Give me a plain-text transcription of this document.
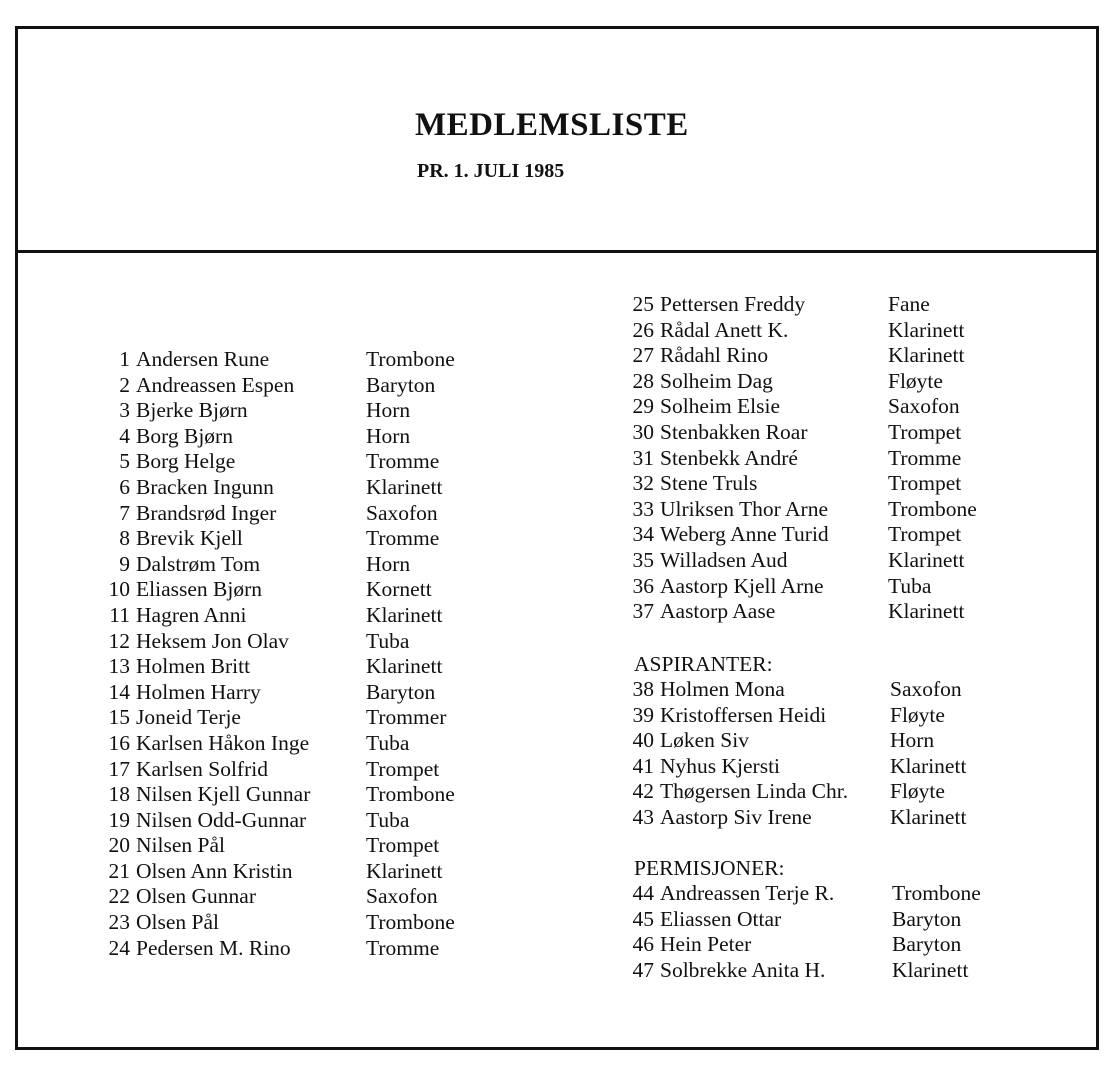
MEDLEMSLISTE
PR. 1. JULI 1985
1 Andersen Rune	Trombone
2 Andreassen Espen	Baryton
3 Bjerke Bjørn	Horn
4 Borg Bjørn	Horn
5 Borg Helge	Tromme
6 Bracken Ingunn	Klarinett
7 Brandsrød Inger	Saxofon
8 Brevik Kjell	Tromme
9 Dalstrøm Tom	Horn
10 Eliassen Bjørn	Kornett
11 Hagren Anni	Klarinett
12 Heksem Jon Olav	Tuba
13 Holmen Britt	Klarinett
14 Holmen Harry	Baryton
15 Joneid Terje	Trommer
16 Karlsen Håkon Inge	Tuba
17 Karlsen Solfrid	Trompet
18 Nilsen Kjell Gunnar	Trombone
19 Nilsen Odd-Gunnar	Tuba
20 Nilsen Pål	Trompet
21 Olsen Ann Kristin	Klarinett
22 Olsen Gunnar	Saxofon
23 Olsen Pål	Trombone
24 Pedersen M. Rino	Tromme
25 Pettersen Freddy	Fane
26 Rådal Anett K.	Klarinett
27 Rådahl Rino	Klarinett
28 Solheim Dag	Fløyte
29 Solheim Elsie	Saxofon
30 Stenbakken Roar	Trompet
31 Stenbekk André	Tromme
32 Stene Truls	Trompet
33 Ulriksen Thor Arne	Trombone
34 Weberg Anne Turid	Trompet
35 Willadsen Aud	Klarinett
36 Aastorp Kjell Arne	Tuba
37 Aastorp Aase	Klarinett

ASPIRANTER:

38 Holmen Mona	Saxofon
39 Kristoffersen Heidi	Fløyte
40 Løken Siv	Horn
41 Nyhus Kjersti	Klarinett
42 Thøgersen Linda Chr. Fløyte
43 Aastorp Siv Irene	Klarinett

PERMISJONER:

44 Andreassen Terje R.	Trombone
45 Eliassen Ottar	Baryton
46 Hein Peter	Baryton
47 Solbrekke Anita H.	Klarinett
